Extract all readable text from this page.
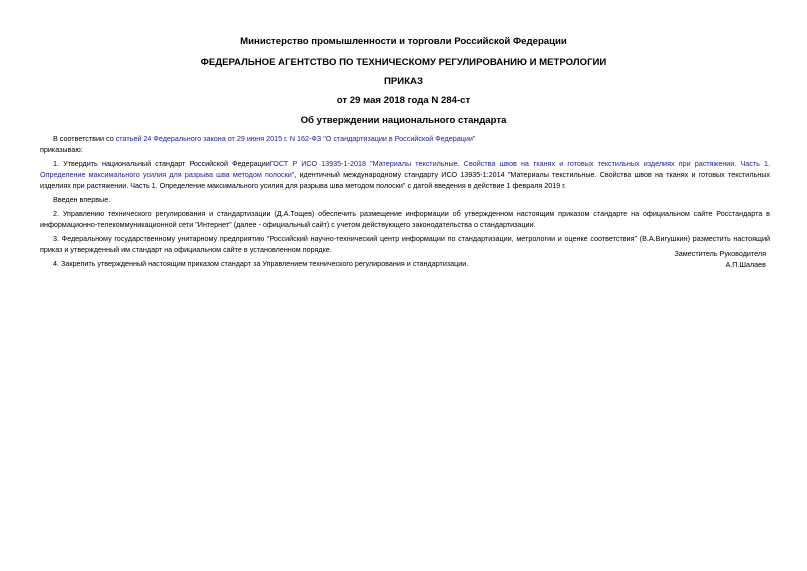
Министерство промышленности и торговли Российской Федерации
ФЕДЕРАЛЬНОЕ АГЕНТСТВО ПО ТЕХНИЧЕСКОМУ РЕГУЛИРОВАНИЮ И МЕТРОЛОГИИ
ПРИКАЗ
от 29 мая 2018 года N 284-ст
Об утверждении национального стандарта

В соответствии со статьей 24 Федерального закона от 29 июня 2015 г. N 162-ФЗ "О стандартизации в Российской Федерации"

приказываю:

1. Утвердить национальный стандарт Российской ФедерацииГОСТ Р ИСО 13935-1-2018 "Материалы текстильные. Свойства швов на тканях и готовых текстильных изделиях при растяжении. Часть 1. Определение максимального усилия для разрыва шва методом полоски", идентичный международному стандарту ИСО 13935-1:2014 "Материалы текстильные. Свойства швов на тканях и готовых текстильных изделиях при растяжении. Часть 1. Определение максимального усилия для разрыва шва методом полоски" с датой введения в действие 1 февраля 2019 г.

Введен впервые.

2. Управлению технического регулирования и стандартизации (Д.А.Тощев) обеспечить размещение информации об утвержденном настоящим приказом стандарте на официальном сайте Росстандарта в информационно-телекоммуникационной сети "Интернет" (далее - официальный сайт) с учетом действующего законодательства о стандартизации.

3. Федеральному государственному унитарному предприятию "Российский научно-технический центр информации по стандартизации, метрологии и оценке соответствия" (В.А.Вигушкин) разместить настоящий приказ и утвержденный им стандарт на официальном сайте в установленном порядке.

4. Закрепить утвержденный настоящим приказом стандарт за Управлением технического регулирования и стандартизации.

Заместитель Руководителя
А.П.Шалаев
